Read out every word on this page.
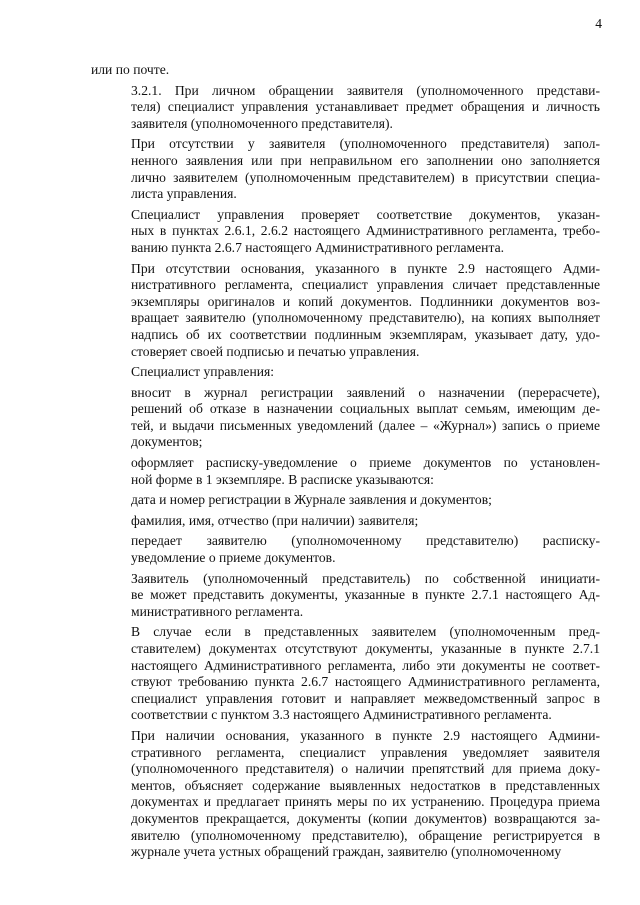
4

или по почте.

3.2.1. При личном обращении заявителя (уполномоченного представи-
теля) специалист управления устанавливает предмет обращения и личность
заявителя (уполномоченного представителя).

При отсутствии у заявителя (уполномоченного представителя) запол-
ненного заявления или при неправильном его заполнении оно заполняется
лично заявителем (уполномоченным представителем) в присутствии специа-
листа управления.

Специалист управления проверяет соответствие документов, указан-
ных в пунктах 2.6.1, 2.6.2 настоящего Административного регламента, требо-
ванию пункта 2.6.7 настоящего Административного регламента.

При отсутствии основания, указанного в пункте 2.9 настоящего Адми-
нистративного регламента, специалист управления сличает представленные
экземпляры оригиналов и копий документов. Подлинники документов воз-
вращает заявителю (уполномоченному представителю), на копиях выполняет
надпись об их соответствии подлинным экземплярам, указывает дату, удо-
стоверяет своей подписью и печатью управления.

Специалист управления:

вносит в журнал регистрации заявлений о назначении (перерасчете),
решений об отказе в назначении социальных выплат семьям, имеющим де-
тей, и выдачи письменных уведомлений (далее – «Журнал») запись о приеме
документов;

оформляет расписку-уведомление о приеме документов по установлен-
ной форме в 1 экземпляре. В расписке указываются:

дата и номер регистрации в Журнале заявления и документов;

фамилия, имя, отчество (при наличии) заявителя;

передает заявителю (уполномоченному представителю) расписку-
уведомление о приеме документов.

Заявитель (уполномоченный представитель) по собственной инициати-
ве может представить документы, указанные в пункте 2.7.1 настоящего Ад-
министративного регламента.

В случае если в представленных заявителем (уполномоченным пред-
ставителем) документах отсутствуют документы, указанные в пункте 2.7.1
настоящего Административного регламента, либо эти документы не соответ-
ствуют требованию пункта 2.6.7 настоящего Административного регламента,
специалист управления готовит и направляет межведомственный запрос в
соответствии с пунктом 3.3 настоящего Административного регламента.

При наличии основания, указанного в пункте 2.9 настоящего Админи-
стративного регламента, специалист управления уведомляет заявителя
(уполномоченного представителя) о наличии препятствий для приема доку-
ментов, объясняет содержание выявленных недостатков в представленных
документах и предлагает принять меры по их устранению. Процедура приема
документов прекращается, документы (копии документов) возвращаются за-
явителю (уполномоченному представителю), обращение регистрируется в
журнале учета устных обращений граждан, заявителю (уполномоченному
